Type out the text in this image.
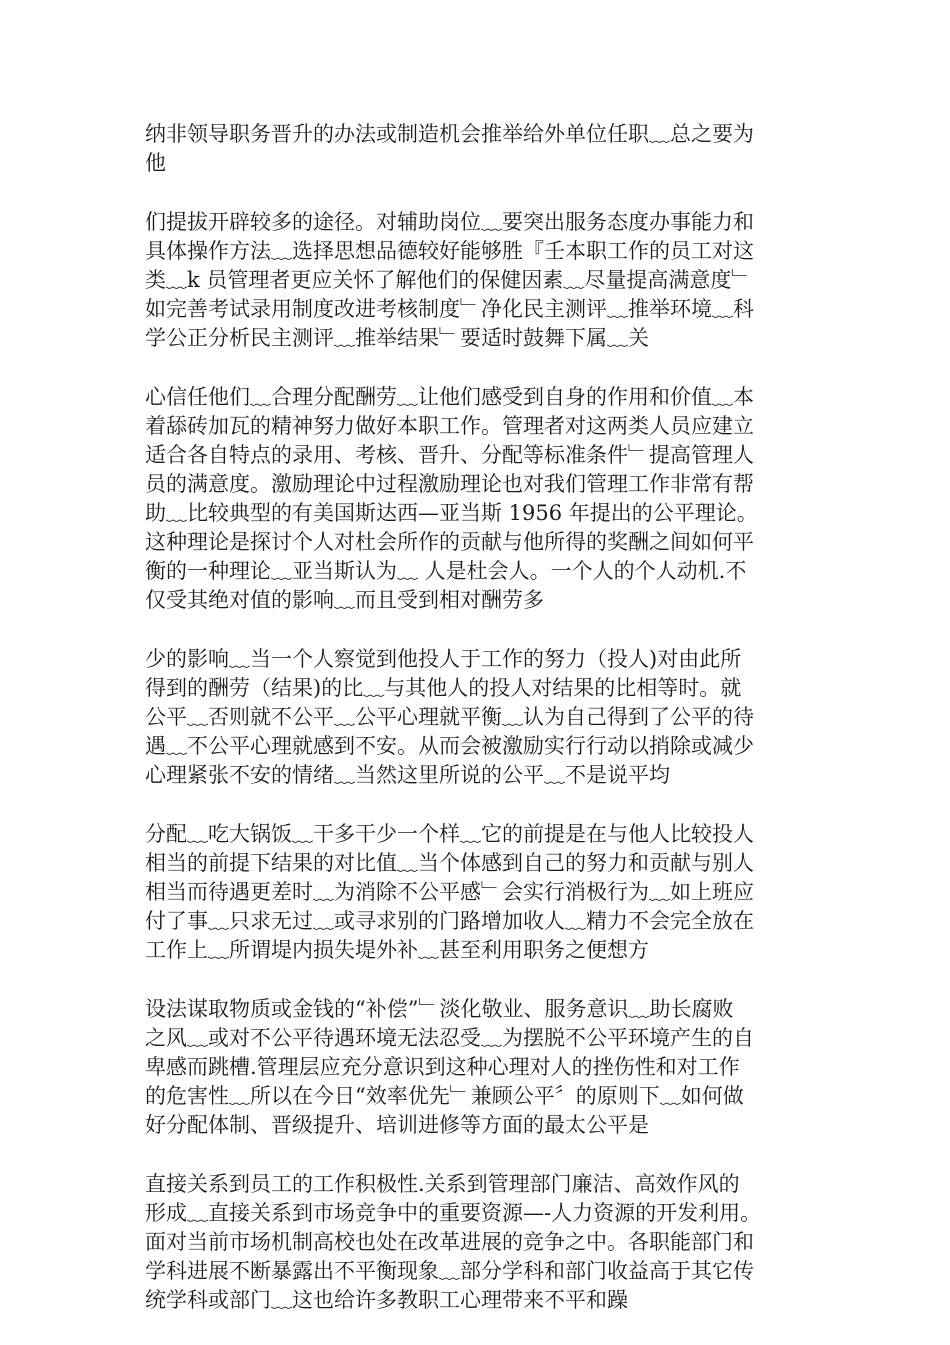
纳非领导职务晋升的办法或制造机会推举给外单位任职﹏总之要为
他

们提拔开辟较多的途径。对辅助岗位﹏要突出服务态度办事能力和
具体操作方法﹏选择思想品德较好能够胜『壬本职工作的员工对这
类﹏k 员管理者更应关怀了解他们的保健因素﹏尽量提高满意度﹂
如完善考试录用制度改进考核制度﹂净化民主测评﹏推举环境﹏科
学公正分析民主测评﹏推举结果﹂要适时鼓舞下属﹏关

心信任他们﹏合理分配酬劳﹏让他们感受到自身的作用和价值﹏本
着舔砖加瓦的精神努力做好本职工作。管理者对这两类人员应建立
适合各自特点的录用、考核、晋升、分配等标准条件﹂提高管理人
员的满意度。激励理论中过程激励理论也对我们管理工作非常有帮
助﹏比较典型的有美国斯达西—亚当斯 1956 年提出的公平理论。
这种理论是探讨个人对杜会所作的贡献与他所得的奖酬之间如何平
衡的一种理论﹏亚当斯认为﹏ 人是杜会人。一个人的个人动机.不
仅受其绝对值的影响﹏而且受到相对酬劳多

少的影响﹏当一个人察觉到他投人于工作的努力（投人)对由此所
得到的酬劳（结果)的比﹏与其他人的投人对结果的比相等时。就
公平﹏否则就不公平﹏公平心理就平衡﹏认为自己得到了公平的待
遇﹏不公平心理就感到不安。从而会被激励实行行动以捎除或减少
心理紧张不安的情绪﹏当然这里所说的公平﹏不是说平均

分配﹏吃大锅饭﹏干多干少一个样﹏它的前提是在与他人比较投人
相当的前提下结果的对比值﹏当个体感到自己的努力和贡献与别人
相当而待遇更差时﹏为消除不公平感﹂会实行消极行为﹏如上班应
付了事﹏只求无过﹏或寻求别的门路增加收人﹏精力不会完全放在
工作上﹏所谓堤内损失堤外补﹏甚至利用职务之便想方

设法谋取物质或金钱的“补偿”﹂淡化敬业、服务意识﹏助长腐败
之风﹏或对不公平待遇环境无法忍受﹏为摆脱不公平环境产生的自
卑感而跳槽.管理层应充分意识到这种心理对人的挫伤性和对工作
的危害性﹏所以在今日“效率优先﹂兼顾公平〞的原则下﹏如何做
好分配体制、晋级提升、培训进修等方面的最太公平是

直接关系到员工的工作积极性.关系到管理部门廉洁、高效作风的
形成﹏直接关系到市场竞争中的重要资源—-人力资源的开发利用。
面对当前市场机制高校也处在改革进展的竞争之中。各职能部门和
学科进展不断暴露出不平衡现象﹏部分学科和部门收益高于其它传
统学科或部门﹏这也给许多教职工心理带来不平和躁
